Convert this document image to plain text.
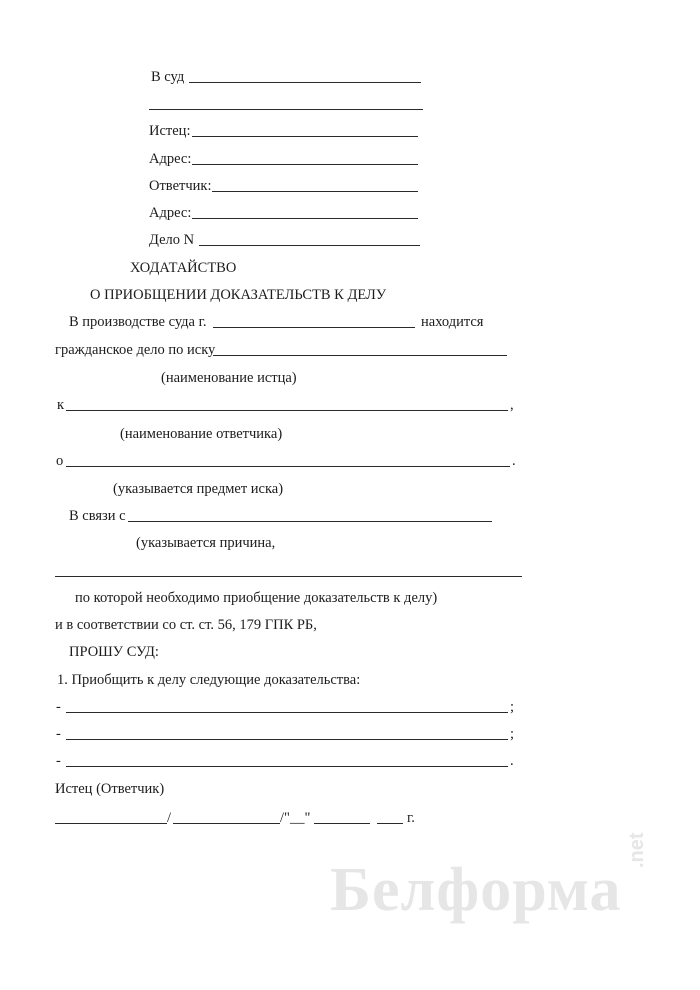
В суд
Истец:
Адрес:
Ответчик:
Адрес:
Дело N
ХОДАТАЙСТВО
О ПРИОБЩЕНИИ ДОКАЗАТЕЛЬСТВ К ДЕЛУ
В производстве суда г.	находится
гражданское дело по иску
(наименование истца)
к	,
(наименование ответчика)
о	.
(указывается предмет иска)
В связи с
(указывается причина,
по которой необходимо приобщение доказательств к делу)
и в соответствии со ст. ст. 56, 179 ГПК РБ,
ПРОШУ СУД:
1. Приобщить к делу следующие доказательства:
-	;
-	;
-	.
Истец (Ответчик)
/	/"__"	г.
Белформа
.net
